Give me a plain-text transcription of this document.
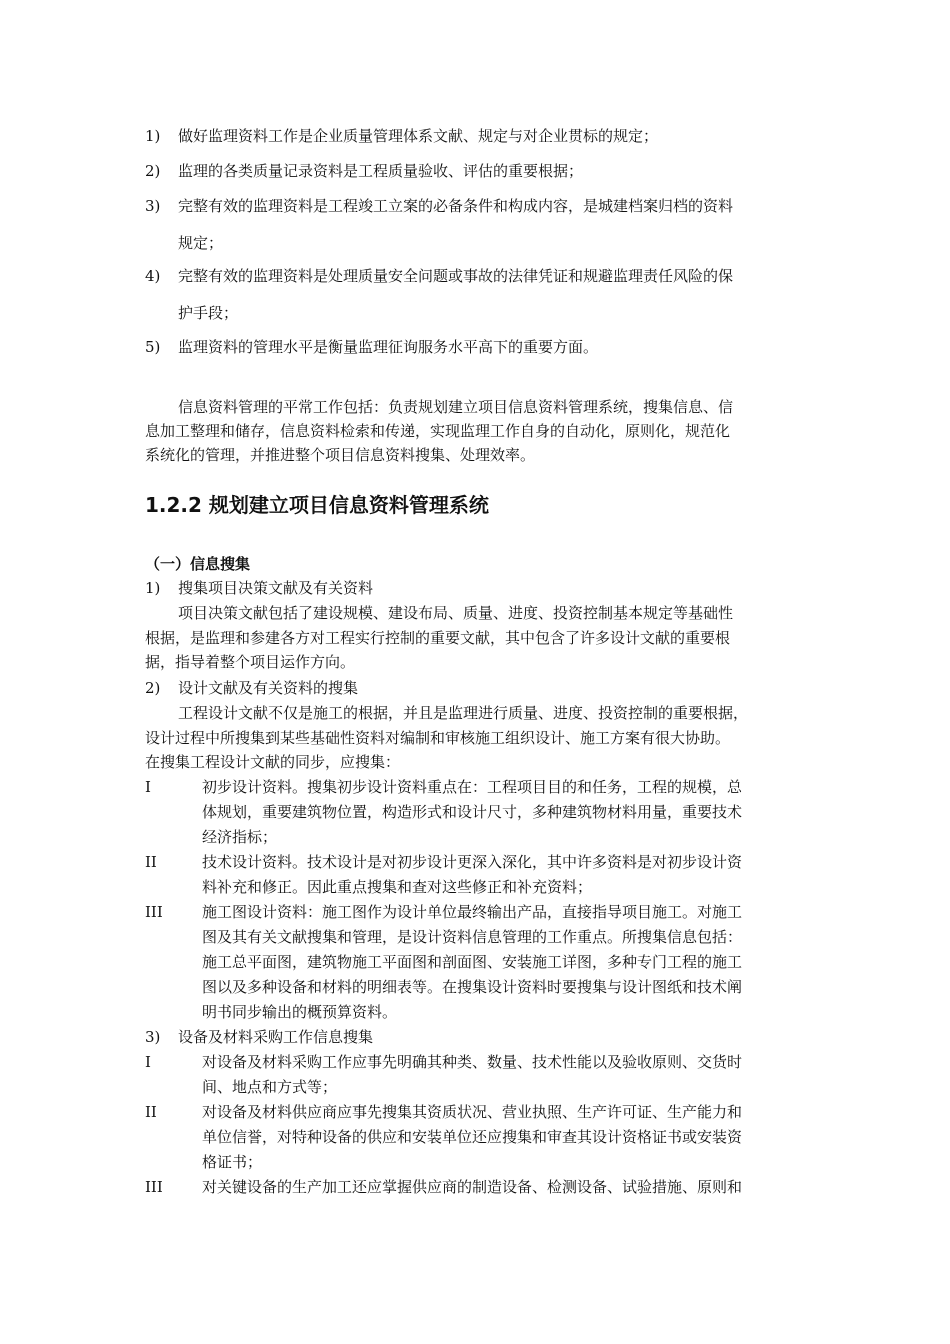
1) 做好监理资料工作是企业质量管理体系文献、规定与对企业贯标的规定；
2) 监理的各类质量记录资料是工程质量验收、评估的重要根据；
3) 完整有效的监理资料是工程竣工立案的必备条件和构成内容，是城建档案归档的资料
规定；
4) 完整有效的监理资料是处理质量安全问题或事故的法律凭证和规避监理责任风险的保
护手段；
5) 监理资料的管理水平是衡量监理征询服务水平高下的重要方面。
信息资料管理的平常工作包括：负责规划建立项目信息资料管理系统，搜集信息、信
息加工整理和储存，信息资料检索和传递，实现监理工作自身的自动化，原则化，规范化
系统化的管理，并推进整个项目信息资料搜集、处理效率。
1.2.2 规划建立项目信息资料管理系统
（一）信息搜集
1) 搜集项目决策文献及有关资料
项目决策文献包括了建设规模、建设布局、质量、进度、投资控制基本规定等基础性
根据，是监理和参建各方对工程实行控制的重要文献，其中包含了许多设计文献的重要根
据，指导着整个项目运作方向。
2) 设计文献及有关资料的搜集
工程设计文献不仅是施工的根据，并且是监理进行质量、进度、投资控制的重要根据，
设计过程中所搜集到某些基础性资料对编制和审核施工组织设计、施工方案有很大协助。
在搜集工程设计文献的同步，应搜集：
I	初步设计资料。搜集初步设计资料重点在：工程项目目的和任务，工程的规模，总
体规划，重要建筑物位置，构造形式和设计尺寸，多种建筑物材料用量，重要技术
经济指标；
II	技术设计资料。技术设计是对初步设计更深入深化，其中许多资料是对初步设计资
料补充和修正。因此重点搜集和查对这些修正和补充资料；
III	施工图设计资料：施工图作为设计单位最终输出产品，直接指导项目施工。对施工
图及其有关文献搜集和管理，是设计资料信息管理的工作重点。所搜集信息包括：
施工总平面图，建筑物施工平面图和剖面图、安装施工详图，多种专门工程的施工
图以及多种设备和材料的明细表等。在搜集设计资料时要搜集与设计图纸和技术阐
明书同步输出的概预算资料。
3) 设备及材料采购工作信息搜集
I	对设备及材料采购工作应事先明确其种类、数量、技术性能以及验收原则、交货时
间、地点和方式等；
II	对设备及材料供应商应事先搜集其资质状况、营业执照、生产许可证、生产能力和
单位信誉，对特种设备的供应和安装单位还应搜集和审查其设计资格证书或安装资
格证书；
III	对关键设备的生产加工还应掌握供应商的制造设备、检测设备、试验措施、原则和
